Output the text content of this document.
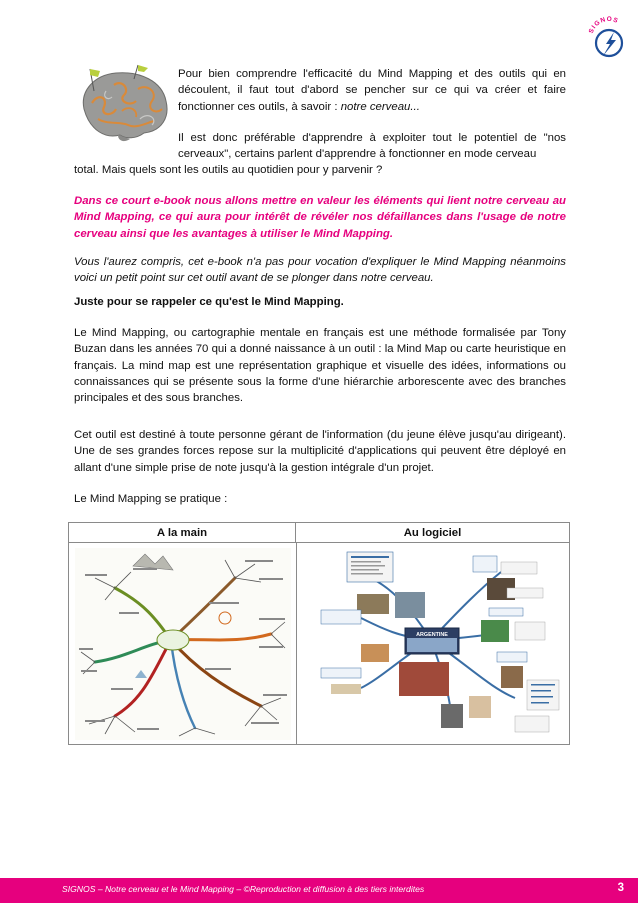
SIGNOS

Pour bien comprendre l'efficacité du Mind Mapping et des outils qui en découlent, il faut tout d'abord se pencher sur ce qui va créer et faire fonctionner ces outils, à savoir : notre cerveau...

Il est donc préférable d'apprendre à exploiter tout le potentiel de "nos cerveaux", certains parlent d'apprendre à fonctionner en mode cerveau

total. Mais quels sont les outils au quotidien pour y parvenir ?

Dans ce court e-book nous allons mettre en valeur les éléments qui lient notre cerveau au Mind Mapping, ce qui aura pour intérêt de révéler nos défaillances dans l'usage de notre cerveau ainsi que les avantages à utiliser le Mind Mapping.

Vous l'aurez compris, cet e-book n'a pas pour vocation d'expliquer le Mind Mapping néanmoins voici un petit point sur cet outil avant de se plonger dans notre cerveau.

Juste pour se rappeler ce qu'est le Mind Mapping.

Le Mind Mapping, ou cartographie mentale en français est une méthode formalisée par Tony Buzan dans les années 70 qui a donné naissance à un outil : la Mind Map ou carte heuristique en français. La mind map est une représentation graphique et visuelle des idées, informations ou connaissances qui se présente sous la forme d'une hiérarchie arborescente avec des branches principales et des sous branches.

Cet outil est destiné à toute personne gérant de l'information (du jeune élève jusqu'au dirigeant). Une de ses grandes forces repose sur la multiplicité d'applications qui peuvent être déployé en allant d'une simple prise de note jusqu'à la gestion intégrale d'un projet.

Le Mind Mapping se pratique :

A la main	Au logiciel
ARGENTINE
SIGNOS – Notre cerveau et le Mind Mapping – ©Reproduction et diffusion à des tiers interdites	3
